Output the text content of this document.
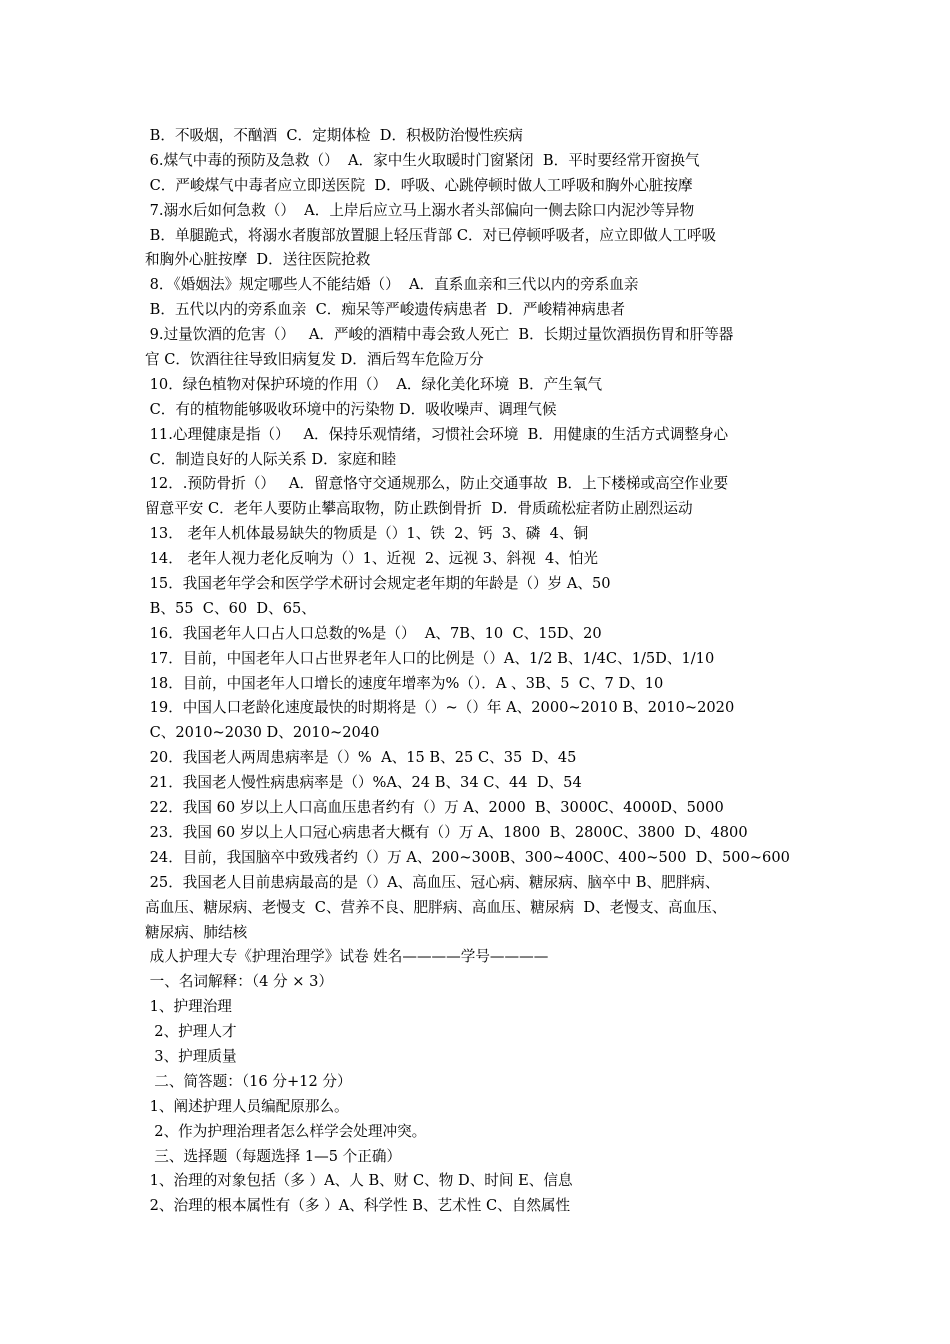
B．不吸烟，不酗酒  C．定期体检  D．积极防治慢性疾病
6.煤气中毒的预防及急救（）  A．家中生火取暖时门窗紧闭  B．平时要经常开窗换气
C．严峻煤气中毒者应立即送医院  D．呼吸、心跳停顿时做人工呼吸和胸外心脏按摩
7.溺水后如何急救（）  A．上岸后应立马上溺水者头部偏向一侧去除口内泥沙等异物
B．单腿跪式，将溺水者腹部放置腿上轻压背部 C．对已停顿呼吸者，应立即做人工呼吸
和胸外心脏按摩  D．送往医院抢救
8．《婚姻法》规定哪些人不能结婚（）  A．直系血亲和三代以内的旁系血亲
B．五代以内的旁系血亲  C．痴呆等严峻遗传病患者  D．严峻精神病患者
9.过量饮酒的危害（）   A．严峻的酒精中毒会致人死亡  B．长期过量饮酒损伤胃和肝等器
官 C．饮酒往往导致旧病复发 D．酒后驾车危险万分
10．绿色植物对保护环境的作用（）  A．绿化美化环境  B．产生氧气
C．有的植物能够吸收环境中的污染物 D．吸收噪声、调理气候
11.心理健康是指（）   A．保持乐观情绪，习惯社会环境  B．用健康的生活方式调整身心
C．制造良好的人际关系 D．家庭和睦
12．.预防骨折（）   A．留意恪守交通规那么，防止交通事故  B．上下楼梯或高空作业要
留意平安 C．老年人要防止攀高取物，防止跌倒骨折  D．骨质疏松症者防止剧烈运动
13． 老年人机体最易缺失的物质是（）1、铁  2、钙  3、磷  4、铜
14． 老年人视力老化反响为（）1、近视  2、远视 3、斜视  4、怕光
15．我国老年学会和医学学术研讨会规定老年期的年龄是（）岁 A、50
B、55  C、60  D、65、
16．我国老年人口占人口总数的%是（）  A、7B、10  C、15D、20
17．目前，中国老年人口占世界老年人口的比例是（）A、1/2 B、1/4C、1/5D、1/10
18．目前，中国老年人口增长的速度年增率为%（）．A 、3B、5  C、7 D、10
19．中国人口老龄化速度最快的时期将是（）~（）年 A、2000~2010 B、2010~2020
C、2010~2030 D、2010~2040
20．我国老人两周患病率是（）%  A、15 B、25 C、35  D、45
21．我国老人慢性病患病率是（）%A、24 B、34 C、44  D、54
22．我国 60 岁以上人口高血压患者约有（）万 A、2000  B、3000C、4000D、5000
23．我国 60 岁以上人口冠心病患者大概有（）万 A、1800  B、2800C、3800  D、4800
24．目前，我国脑卒中致残者约（）万 A、200~300B、300~400C、400~500  D、500~600
25．我国老人目前患病最高的是（）A、高血压、冠心病、糖尿病、脑卒中 B、肥胖病、
高血压、糖尿病、老慢支  C、营养不良、肥胖病、高血压、糖尿病  D、老慢支、高血压、
糖尿病、肺结核
成人护理大专《护理治理学》试卷 姓名————学号————
一、名词解释：（4 分 × 3）
1、护理治理
2、护理人才
3、护理质量
二、简答题：（16 分+12 分）
1、阐述护理人员编配原那么。
2、作为护理治理者怎么样学会处理冲突。
三、选择题（每题选择 1—5 个正确）
1、治理的对象包括（多 ）A、人 B、财 C、物 D、时间 E、信息
2、治理的根本属性有（多 ）A、科学性 B、艺术性 C、自然属性
